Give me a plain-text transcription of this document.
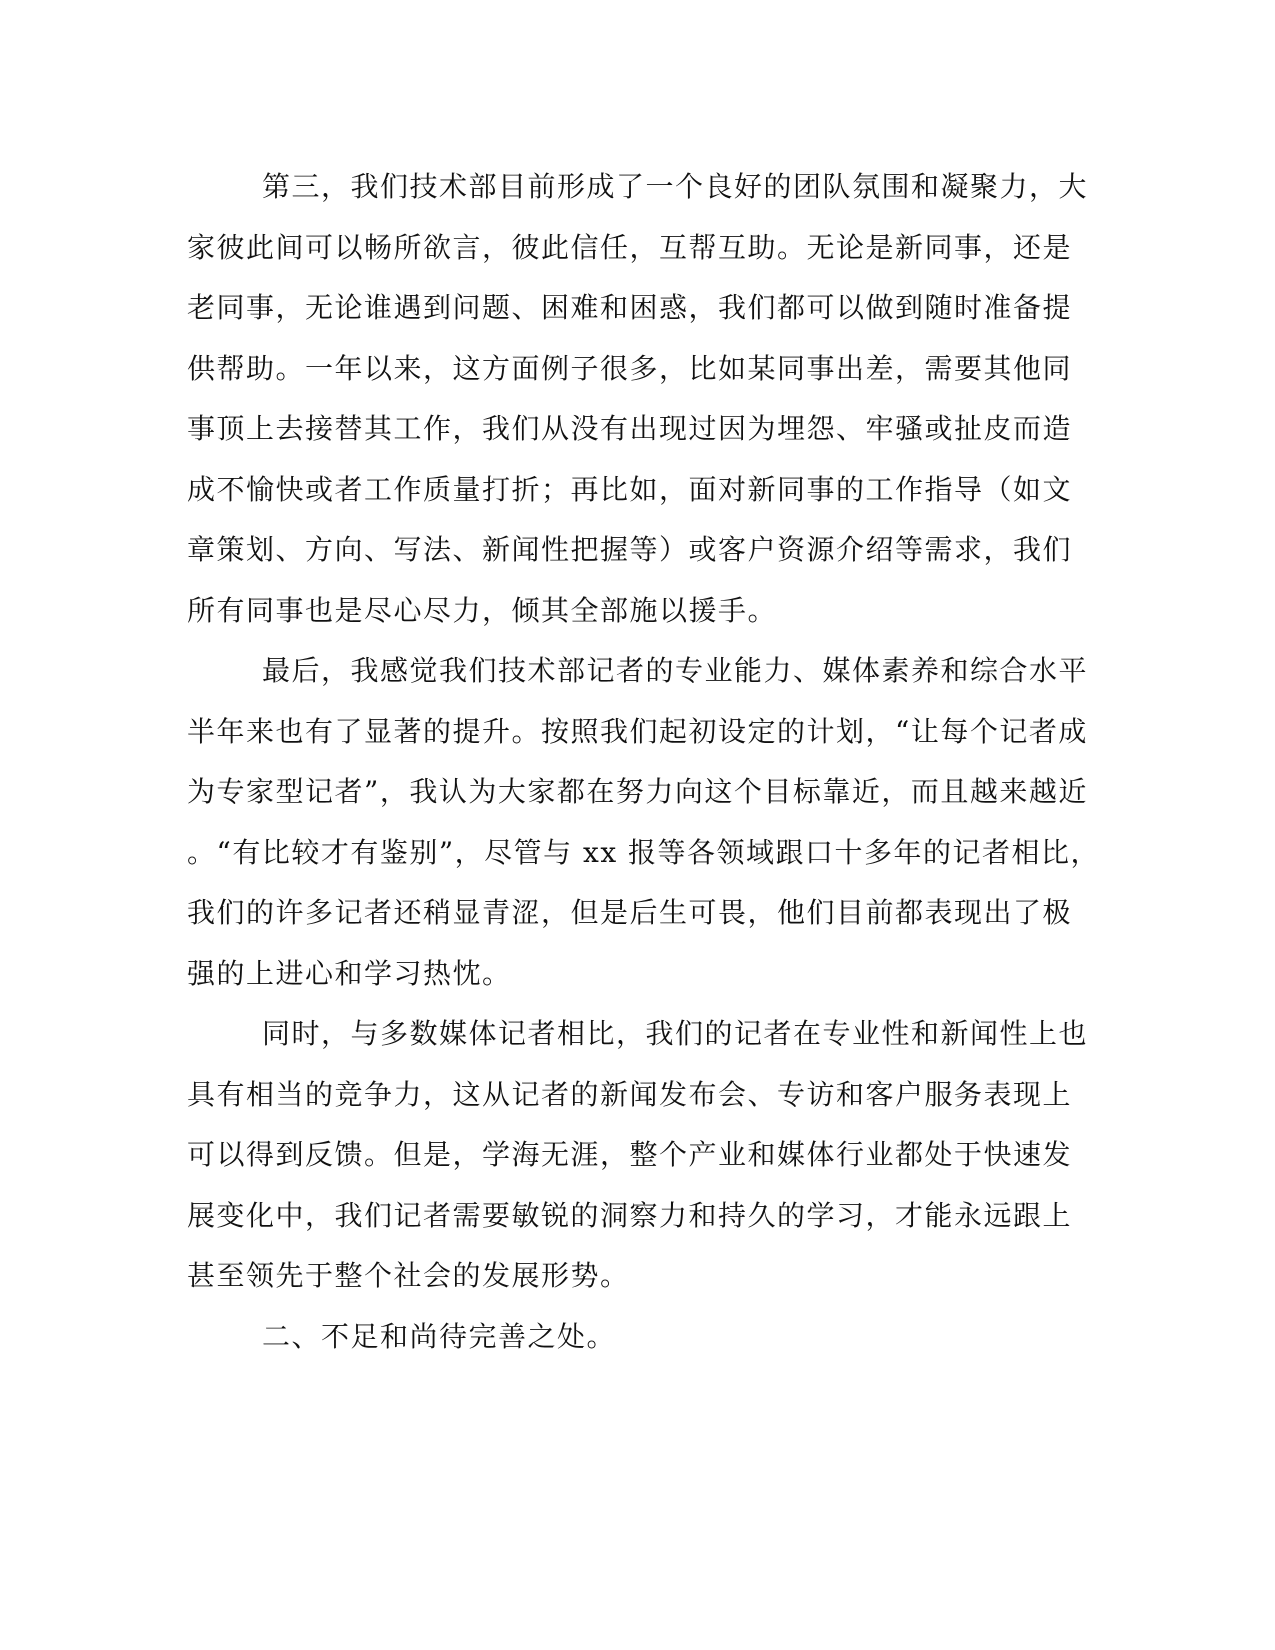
第三，我们技术部目前形成了一个良好的团队氛围和凝聚力，大
家彼此间可以畅所欲言，彼此信任，互帮互助。无论是新同事，还是
老同事，无论谁遇到问题、困难和困惑，我们都可以做到随时准备提
供帮助。一年以来，这方面例子很多，比如某同事出差，需要其他同
事顶上去接替其工作，我们从没有出现过因为埋怨、牢骚或扯皮而造
成不愉快或者工作质量打折；再比如，面对新同事的工作指导（如文
章策划、方向、写法、新闻性把握等）或客户资源介绍等需求，我们
所有同事也是尽心尽力，倾其全部施以援手。
最后，我感觉我们技术部记者的专业能力、媒体素养和综合水平
半年来也有了显著的提升。按照我们起初设定的计划，“让每个记者成
为专家型记者”，我认为大家都在努力向这个目标靠近，而且越来越近
。“有比较才有鉴别”，尽管与 xx 报等各领域跟口十多年的记者相比，
我们的许多记者还稍显青涩，但是后生可畏，他们目前都表现出了极
强的上进心和学习热忱。
同时，与多数媒体记者相比，我们的记者在专业性和新闻性上也
具有相当的竞争力，这从记者的新闻发布会、专访和客户服务表现上
可以得到反馈。但是，学海无涯，整个产业和媒体行业都处于快速发
展变化中，我们记者需要敏锐的洞察力和持久的学习，才能永远跟上
甚至领先于整个社会的发展形势。
二、不足和尚待完善之处。
